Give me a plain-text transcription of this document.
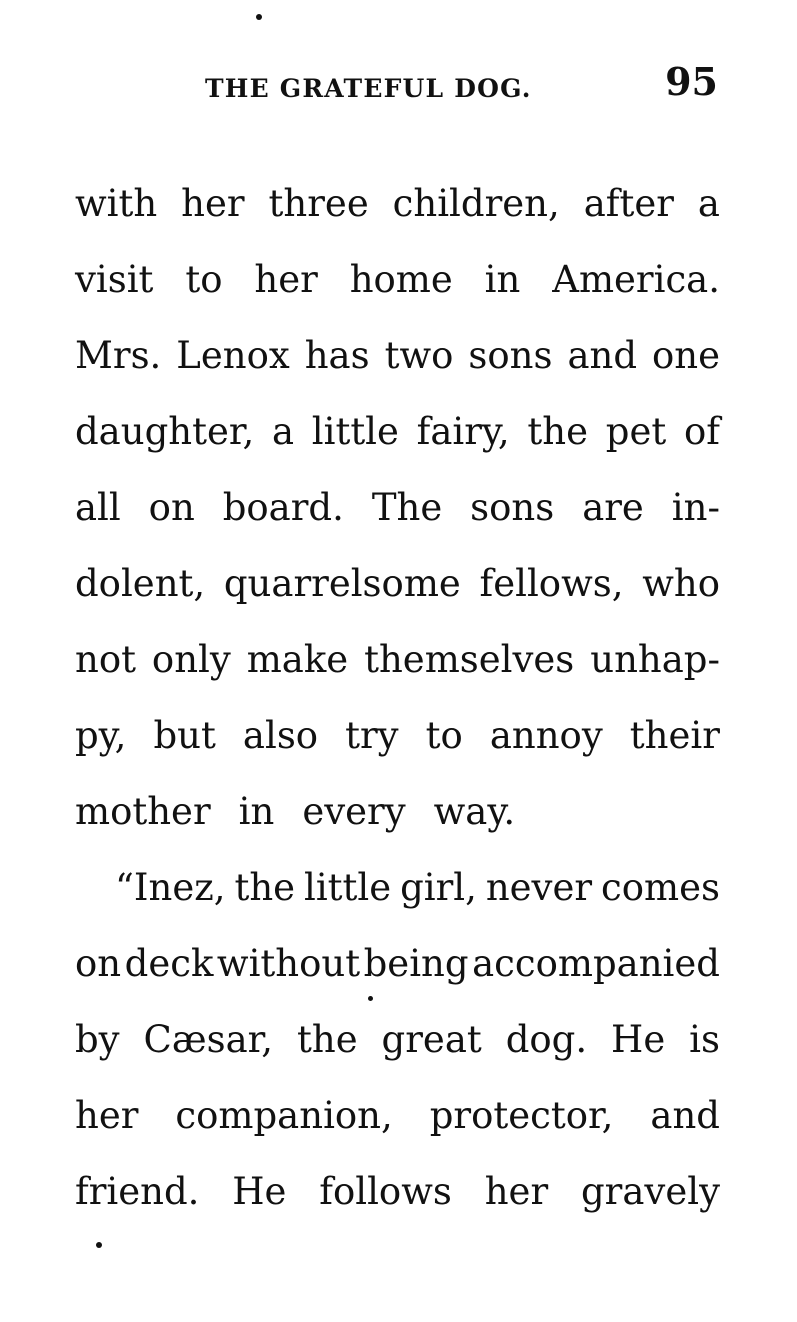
THE GRATEFUL DOG.	95
with her three children, after a
visit to her home in America.
Mrs. Lenox has two sons and one
daughter, a little fairy, the pet of
all on board. The sons are in-
dolent, quarrelsome fellows, who
not only make themselves unhap-
py, but also try to annoy their
mother in every way.
“Inez, the little girl, never comes
on deck without being accompanied
by Cæsar, the great dog. He is
her companion, protector, and
friend. He follows her gravely
